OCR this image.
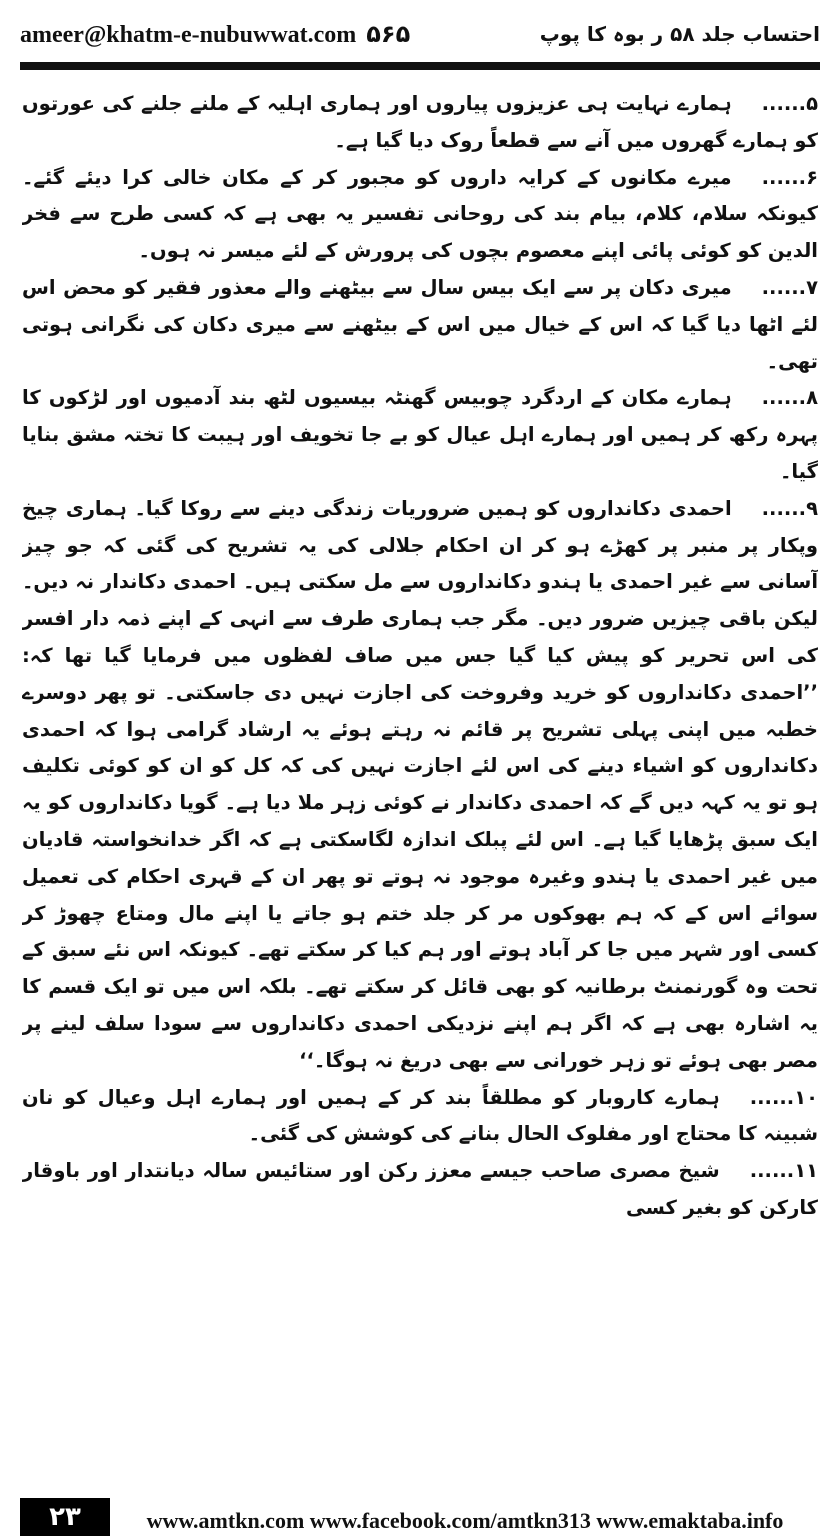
ameer@khatm-e-nubuwwat.com ۵۶۵	احتساب جلد ۵۸ ر بوہ کا پوپ

۵......ہمارے نہایت ہی عزیزوں پیاروں اور ہماری اہلیہ کے ملنے جلنے کی عورتوں کو ہمارے گھروں میں آنے سے قطعاً روک دیا گیا ہے۔

۶......میرے مکانوں کے کرایہ داروں کو مجبور کر کے مکان خالی کرا دیئے گئے۔ کیونکہ سلام، کلام، بیام بند کی روحانی تفسیر یہ بھی ہے کہ کسی طرح سے فخر الدین کو کوئی پائی اپنے معصوم بچوں کی پرورش کے لئے میسر نہ ہوں۔

۷......میری دکان پر سے ایک بیس سال سے بیٹھنے والے معذور فقیر کو محض اس لئے اٹھا دیا گیا کہ اس کے خیال میں اس کے بیٹھنے سے میری دکان کی نگرانی ہوتی تھی۔

۸......ہمارے مکان کے اردگرد چوبیس گھنٹہ بیسیوں لٹھ بند آدمیوں اور لڑکوں کا پہرہ رکھ کر ہمیں اور ہمارے اہل عیال کو بے جا تخویف اور ہیبت کا تختہ مشق بنایا گیا۔

۹......احمدی دکانداروں کو ہمیں ضروریات زندگی دینے سے روکا گیا۔ ہماری چیخ وپکار پر منبر پر کھڑے ہو کر ان احکام جلالی کی یہ تشریح کی گئی کہ جو چیز آسانی سے غیر احمدی یا ہندو دکانداروں سے مل سکتی ہیں۔ احمدی دکاندار نہ دیں۔ لیکن باقی چیزیں ضرور دیں۔ مگر جب ہماری طرف سے انہی کے اپنے ذمہ دار افسر کی اس تحریر کو پیش کیا گیا جس میں صاف لفظوں میں فرمایا گیا تھا کہ: ’’احمدی دکانداروں کو خرید وفروخت کی اجازت نہیں دی جاسکتی۔ تو پھر دوسرے خطبہ میں اپنی پہلی تشریح پر قائم نہ رہتے ہوئے یہ ارشاد گرامی ہوا کہ احمدی دکانداروں کو اشیاء دینے کی اس لئے اجازت نہیں کی کہ کل کو ان کو کوئی تکلیف ہو تو یہ کہہ دیں گے کہ احمدی دکاندار نے کوئی زہر ملا دیا ہے۔ گویا دکانداروں کو یہ ایک سبق پڑھایا گیا ہے۔ اس لئے پبلک اندازہ لگاسکتی ہے کہ اگر خدانخواستہ قادیان میں غیر احمدی یا ہندو وغیرہ موجود نہ ہوتے تو پھر ان کے قہری احکام کی تعمیل سوائے اس کے کہ ہم بھوکوں مر کر جلد ختم ہو جاتے یا اپنے مال ومتاع چھوڑ کر کسی اور شہر میں جا کر آباد ہوتے اور ہم کیا کر سکتے تھے۔ کیونکہ اس نئے سبق کے تحت وہ گورنمنٹ برطانیہ کو بھی قائل کر سکتے تھے۔ بلکہ اس میں تو ایک قسم کا یہ اشارہ بھی ہے کہ اگر ہم اپنے نزدیکی احمدی دکانداروں سے سودا سلف لینے پر مصر بھی ہوئے تو زہر خورانی سے بھی دریغ نہ ہوگا۔‘‘

۱۰......ہمارے کاروبار کو مطلقاً بند کر کے ہمیں اور ہمارے اہل وعیال کو نان شبینہ کا محتاج اور مفلوک الحال بنانے کی کوشش کی گئی۔

۱۱......شیخ مصری صاحب جیسے معزز رکن اور ستائیس سالہ دیانتدار اور باوقار کارکن کو بغیر کسی

۲۳	www.amtkn.com www.facebook.com/amtkn313 www.emaktaba.info
